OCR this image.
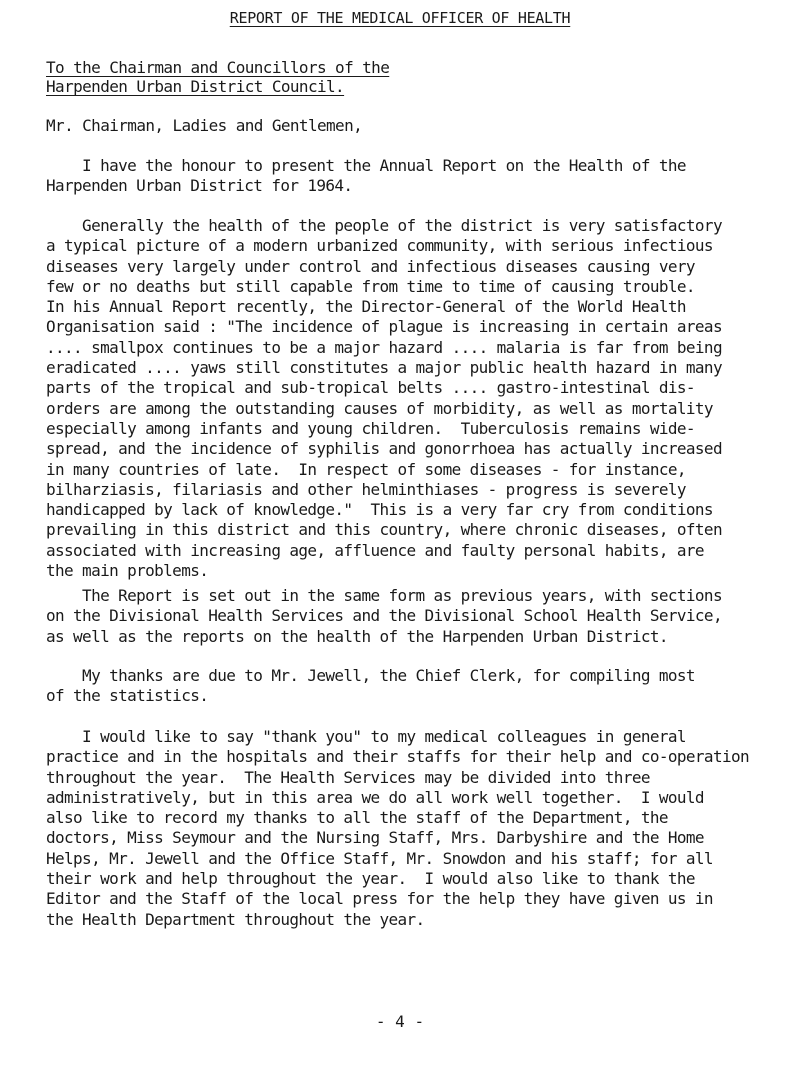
REPORT OF THE MEDICAL OFFICER OF HEALTH
To the Chairman and Councillors of the
Harpenden Urban District Council.
Mr. Chairman, Ladies and Gentlemen,
I have the honour to present the Annual Report on the Health of the
Harpenden Urban District for 1964.
Generally the health of the people of the district is very satisfactory
a typical picture of a modern urbanized community, with serious infectious
diseases very largely under control and infectious diseases causing very
few or no deaths but still capable from time to time of causing trouble.
In his Annual Report recently, the Director-General of the World Health
Organisation said : "The incidence of plague is increasing in certain areas
.... smallpox continues to be a major hazard .... malaria is far from being
eradicated .... yaws still constitutes a major public health hazard in many
parts of the tropical and sub-tropical belts .... gastro-intestinal dis-
orders are among the outstanding causes of morbidity, as well as mortality
especially among infants and young children.  Tuberculosis remains wide-
spread, and the incidence of syphilis and gonorrhoea has actually increased
in many countries of late.  In respect of some diseases - for instance,
bilharziasis, filariasis and other helminthiases - progress is severely
handicapped by lack of knowledge."  This is a very far cry from conditions
prevailing in this district and this country, where chronic diseases, often
associated with increasing age, affluence and faulty personal habits, are
the main problems.
The Report is set out in the same form as previous years, with sections
on the Divisional Health Services and the Divisional School Health Service,
as well as the reports on the health of the Harpenden Urban District.
My thanks are due to Mr. Jewell, the Chief Clerk, for compiling most
of the statistics.
I would like to say "thank you" to my medical colleagues in general
practice and in the hospitals and their staffs for their help and co-operation
throughout the year.  The Health Services may be divided into three
administratively, but in this area we do all work well together.  I would
also like to record my thanks to all the staff of the Department, the
doctors, Miss Seymour and the Nursing Staff, Mrs. Darbyshire and the Home
Helps, Mr. Jewell and the Office Staff, Mr. Snowdon and his staff; for all
their work and help throughout the year.  I would also like to thank the
Editor and the Staff of the local press for the help they have given us in
the Health Department throughout the year.
- 4 -
